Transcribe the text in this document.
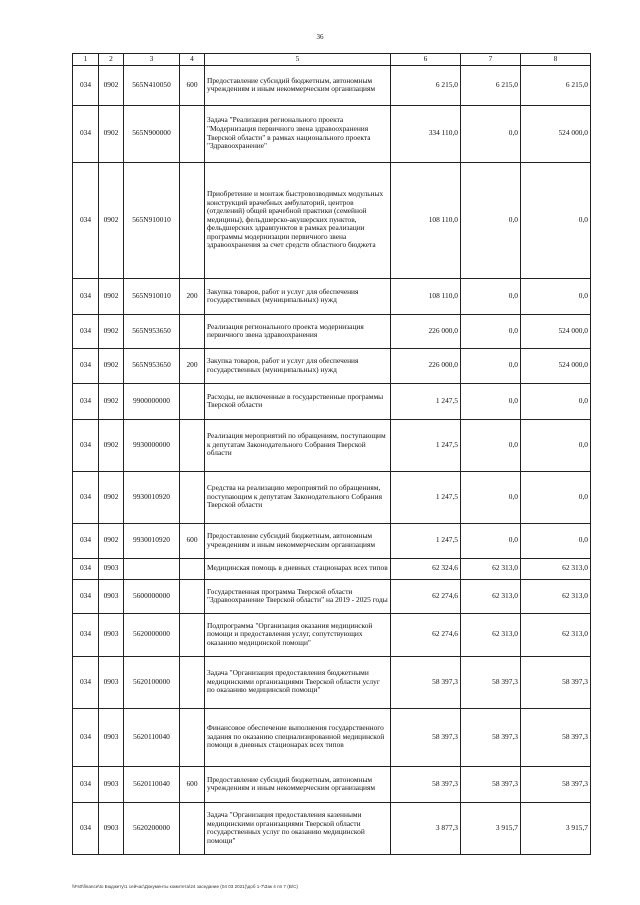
36
1	2	3	4	5	6	7	8
034	0902	565N410050	600	Предоставление субсидий бюджетным, автономным учреждениям и иным некоммерческим организациям	6 215,0	6 215,0	6 215,0
034	0902	565N900000		Задача "Реализация регионального проекта "Модернизация первичного звена здравоохранения Тверской области" в рамках национального проекта "Здравоохранение"	334 110,0	0,0	524 000,0
034	0902	565N910010		Приобретение и монтаж быстровозводимых модульных конструкций врачебных амбулаторий, центров (отделений) общей врачебной практики (семейной медицины), фельдшерско-акушерских пунктов, фельдшерских здравпунктов в рамках реализации программы модернизации первичного звена здравоохранения за счет средств областного бюджета	108 110,0	0,0	0,0
034	0902	565N910010	200	Закупка товаров, работ и услуг для обеспечения государственных (муниципальных) нужд	108 110,0	0,0	0,0
034	0902	565N953650		Реализация регионального проекта модернизация первичного звена здравоохранения	226 000,0	0,0	524 000,0
034	0902	565N953650	200	Закупка товаров, работ и услуг для обеспечения государственных (муниципальных) нужд	226 000,0	0,0	524 000,0
034	0902	9900000000		Расходы, не включенные в государственные программы Тверской области	1 247,5	0,0	0,0
034	0902	9930000000		Реализация мероприятий по обращениям, поступающим к депутатам Законодательного Собрания Тверской области	1 247,5	0,0	0,0
034	0902	9930010920		Средства на реализацию мероприятий по обращениям, поступающим к депутатам Законодательного Собрания Тверской области	1 247,5	0,0	0,0
034	0902	9930010920	600	Предоставление субсидий бюджетным, автономным учреждениям и иным некоммерческим организациям	1 247,5	0,0	0,0
034	0903			Медицинская помощь в дневных стационарах всех типов	62 324,6	62 313,0	62 313,0
034	0903	5600000000		Государственная программа Тверской области "Здравоохранение Тверской области" на 2019 - 2025 годы	62 274,6	62 313,0	62 313,0
034	0903	5620000000		Подпрограмма "Организация оказания медицинской помощи и предоставления услуг, сопутствующих оказанию медицинской помощи"	62 274,6	62 313,0	62 313,0
034	0903	5620100000		Задача "Организация предоставления бюджетными медицинскими организациями Тверской области услуг по оказанию медицинской помощи"	58 397,3	58 397,3	58 397,3
034	0903	5620110040		Финансовое обеспечение выполнения государственного задания по оказанию специализированной медицинской помощи в дневных стационарах всех типов	58 397,3	58 397,3	58 397,3
034	0903	5620110040	600	Предоставление субсидий бюджетным, автономным учреждениям и иным некоммерческим организациям	58 397,3	58 397,3	58 397,3
034	0903	5620200000		Задача "Организация предоставления казенными медицинскими организациями Тверской области государственных услуг по оказанию медицинской помощи"	3 877,3	3 915,7	3 915,7
\\Fs0\finance\to Бюджету\1 сейчас\Документы комитета\24 заседание (04 03 2021)\доб 1-7\Зак 4 пп 7 (В/С)
